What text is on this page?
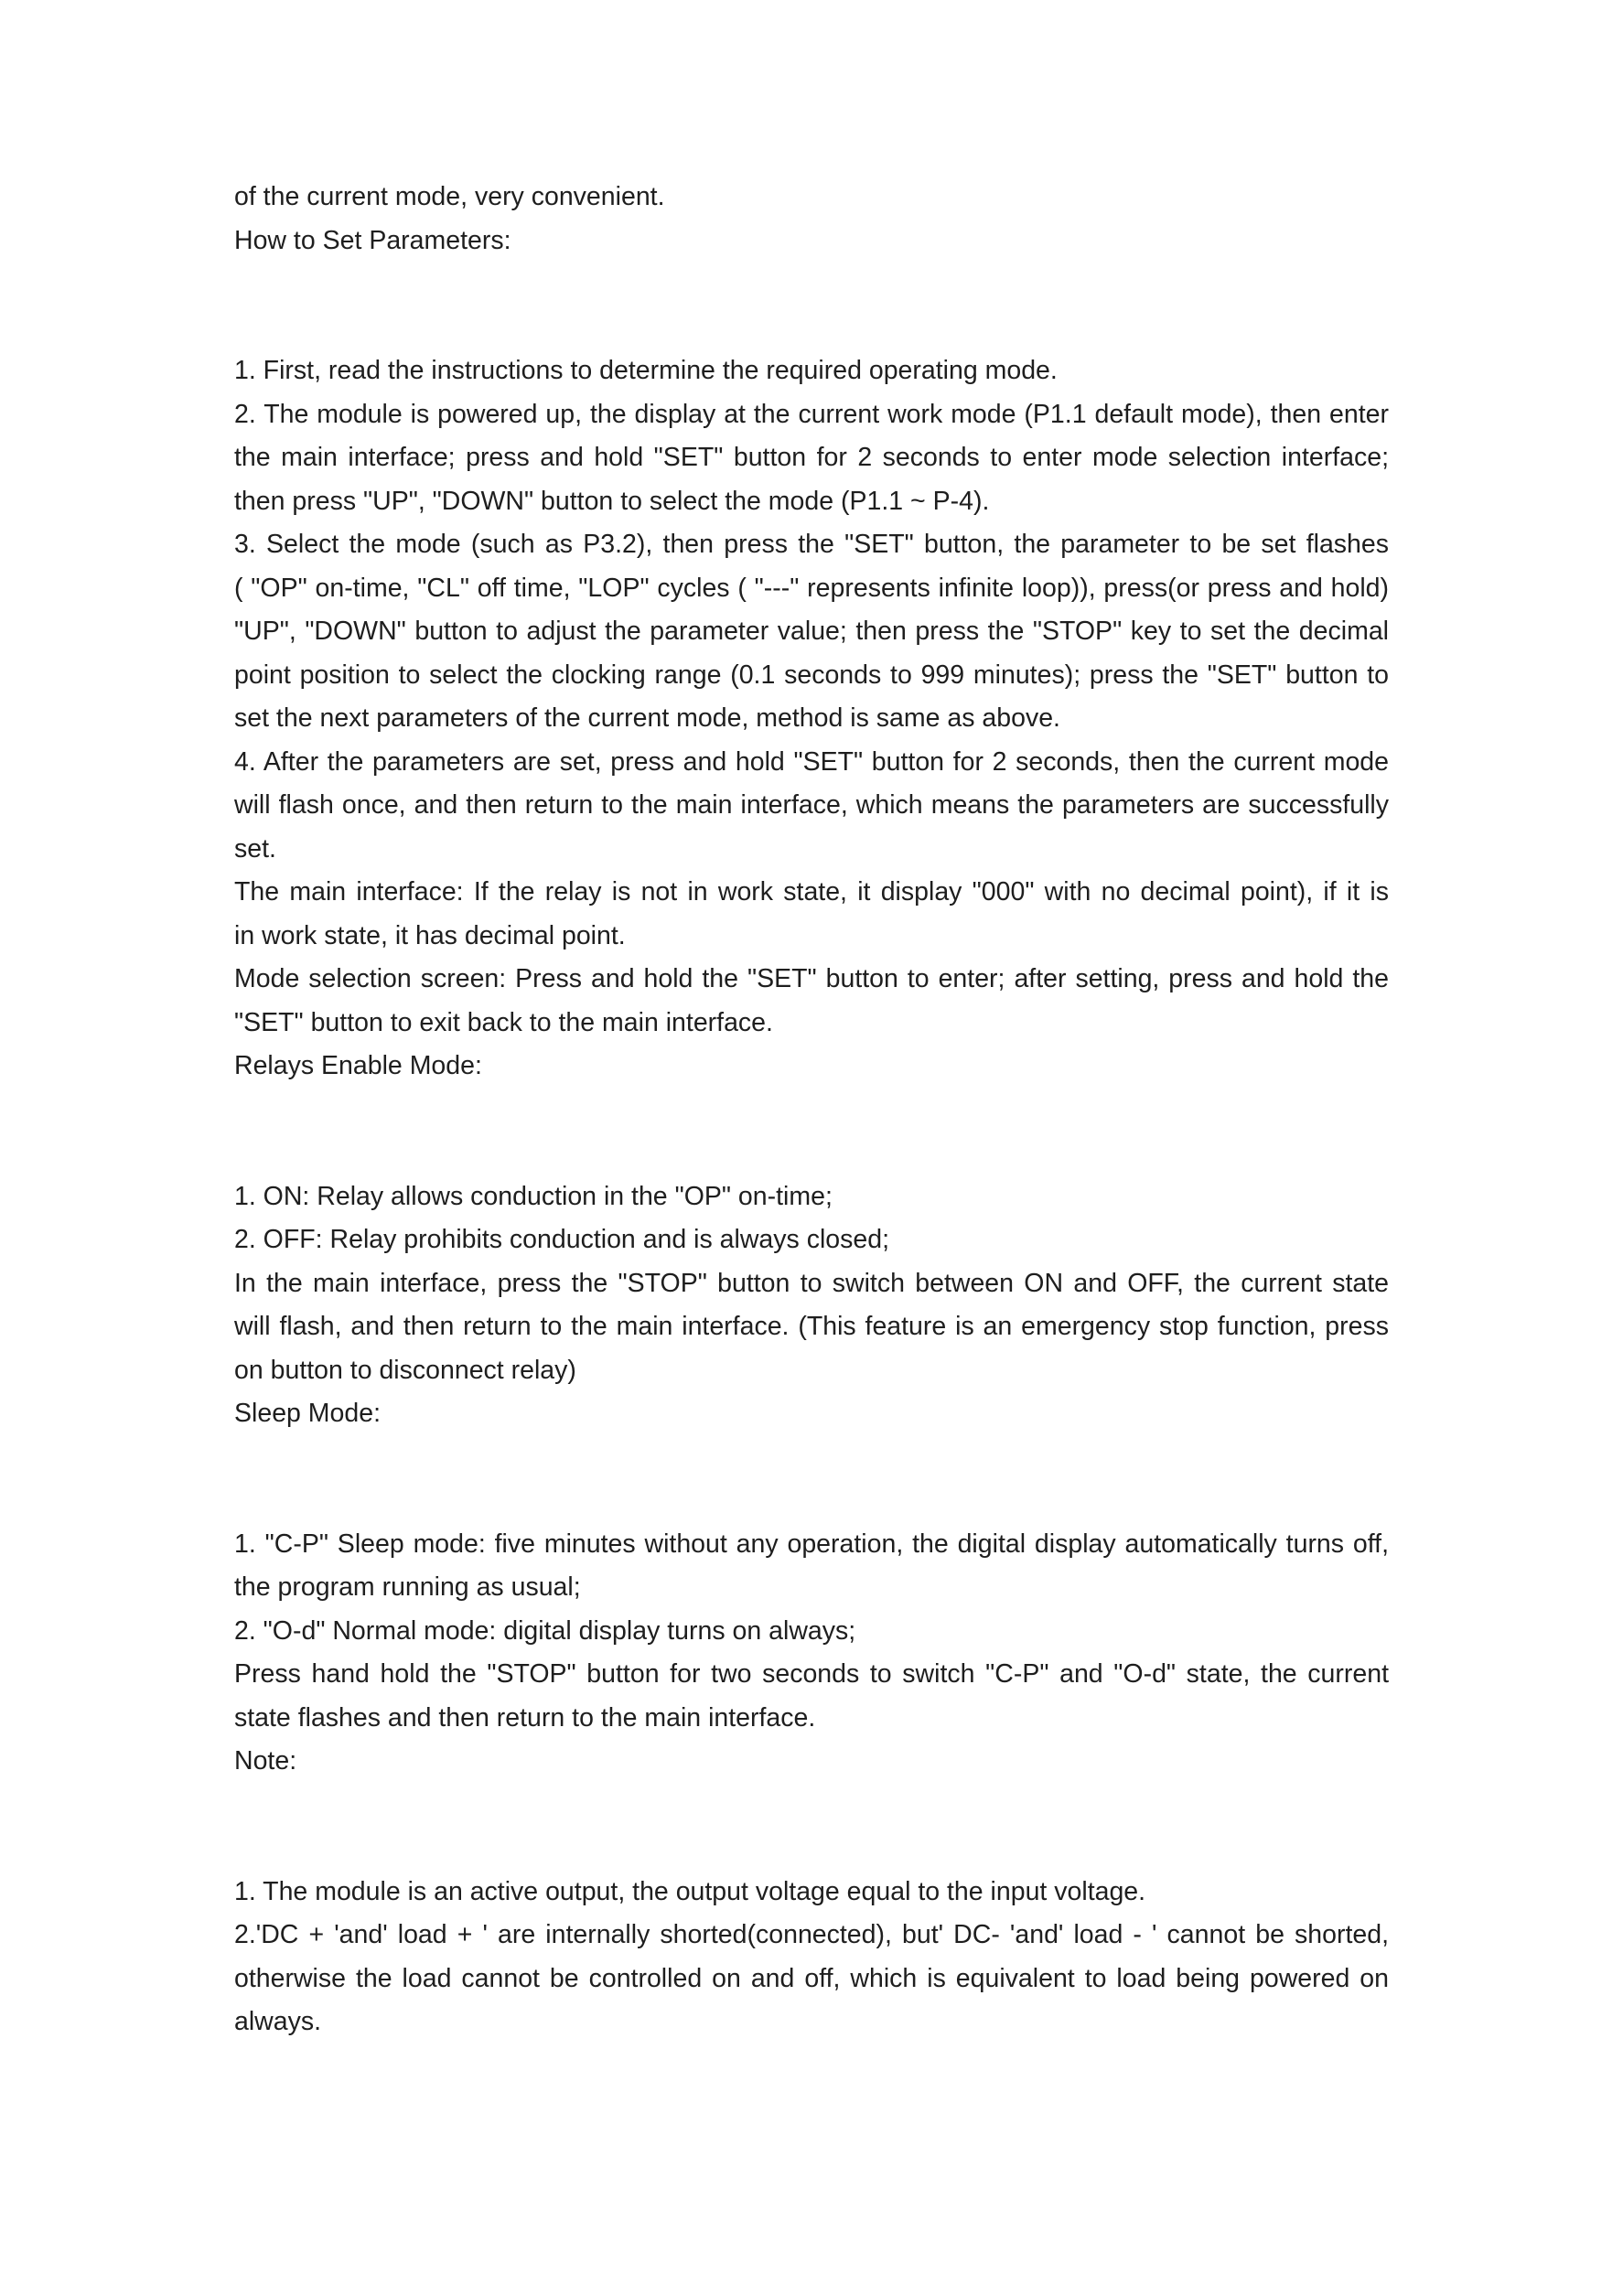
of the current mode, very convenient.
How to Set Parameters:
1. First, read the instructions to determine the required operating mode.
2. The module is powered up, the display at the current work mode (P1.1 default mode), then enter
the main interface; press and hold "SET" button for 2 seconds to enter mode selection interface;
then press "UP", "DOWN" button to select the mode (P1.1 ~ P-4).
3. Select the mode (such as P3.2), then press the "SET" button, the parameter to be set flashes
( "OP" on-time, "CL" off time, "LOP" cycles ( "---" represents infinite loop)), press(or press and hold)
"UP", "DOWN" button to adjust the parameter value; then press the "STOP" key to set the decimal
point position to select the clocking range (0.1 seconds to 999 minutes); press the "SET" button to
set the next parameters of the current mode, method is same as above.
4. After the parameters are set, press and hold "SET" button for 2 seconds, then the current mode
will flash once, and then return to the main interface, which means the parameters are successfully
set.
The main interface: If the relay is not in work state, it display "000" with no decimal point), if it is
in work state, it has decimal point.
Mode selection screen: Press and hold the "SET" button to enter; after setting, press and hold the
"SET" button to exit back to the main interface.
Relays Enable Mode:
1. ON: Relay allows conduction in the "OP" on-time;
2. OFF: Relay prohibits conduction and is always closed;
In the main interface, press the "STOP" button to switch between ON and OFF, the current state
will flash, and then return to the main interface. (This feature is an emergency stop function, press
on button to disconnect relay)
Sleep Mode:
1. "C-P" Sleep mode: five minutes without any operation, the digital display automatically turns off,
the program running as usual;
2. "O-d" Normal mode: digital display turns on always;
Press hand hold the "STOP" button for two seconds to switch "C-P" and "O-d" state, the current
state flashes and then return to the main interface.
Note:
1. The module is an active output, the output voltage equal to the input voltage.
2.'DC + 'and' load + ' are internally shorted(connected), but' DC- 'and' load - ' cannot be shorted,
otherwise the load cannot be controlled on and off, which is equivalent to load being powered on
always.
